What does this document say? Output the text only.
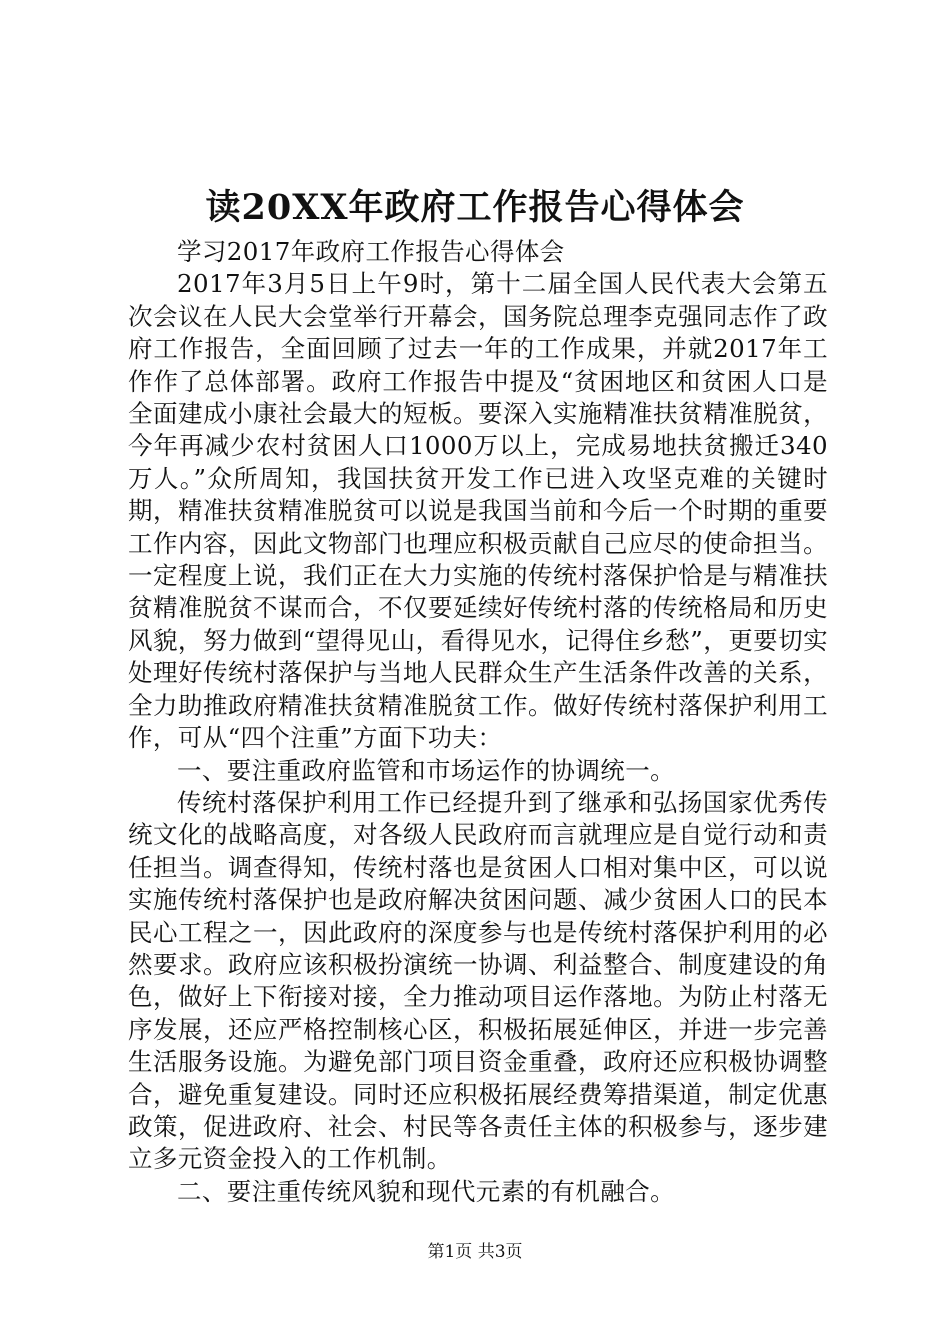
读20XX年政府工作报告心得体会

学习2017年政府工作报告心得体会

2017年3月5日上午9时，第十二届全国人民代表大会第五次会议在人民大会堂举行开幕会，国务院总理李克强同志作了政府工作报告，全面回顾了过去一年的工作成果，并就2017年工作作了总体部署。政府工作报告中提及“贫困地区和贫困人口是全面建成小康社会最大的短板。要深入实施精准扶贫精准脱贫，今年再减少农村贫困人口1000万以上，完成易地扶贫搬迁340万人。”众所周知，我国扶贫开发工作已进入攻坚克难的关键时期，精准扶贫精准脱贫可以说是我国当前和今后一个时期的重要工作内容，因此文物部门也理应积极贡献自己应尽的使命担当。一定程度上说，我们正在大力实施的传统村落保护恰是与精准扶贫精准脱贫不谋而合，不仅要延续好传统村落的传统格局和历史风貌，努力做到“望得见山，看得见水，记得住乡愁”，更要切实处理好传统村落保护与当地人民群众生产生活条件改善的关系，全力助推政府精准扶贫精准脱贫工作。做好传统村落保护利用工作，可从“四个注重”方面下功夫：

一、要注重政府监管和市场运作的协调统一。

传统村落保护利用工作已经提升到了继承和弘扬国家优秀传统文化的战略高度，对各级人民政府而言就理应是自觉行动和责任担当。调查得知，传统村落也是贫困人口相对集中区，可以说实施传统村落保护也是政府解决贫困问题、减少贫困人口的民本民心工程之一，因此政府的深度参与也是传统村落保护利用的必然要求。政府应该积极扮演统一协调、利益整合、制度建设的角色，做好上下衔接对接，全力推动项目运作落地。为防止村落无序发展，还应严格控制核心区，积极拓展延伸区，并进一步完善生活服务设施。为避免部门项目资金重叠，政府还应积极协调整合，避免重复建设。同时还应积极拓展经费筹措渠道，制定优惠政策，促进政府、社会、村民等各责任主体的积极参与，逐步建立多元资金投入的工作机制。

二、要注重传统风貌和现代元素的有机融合。

第1页 共3页
